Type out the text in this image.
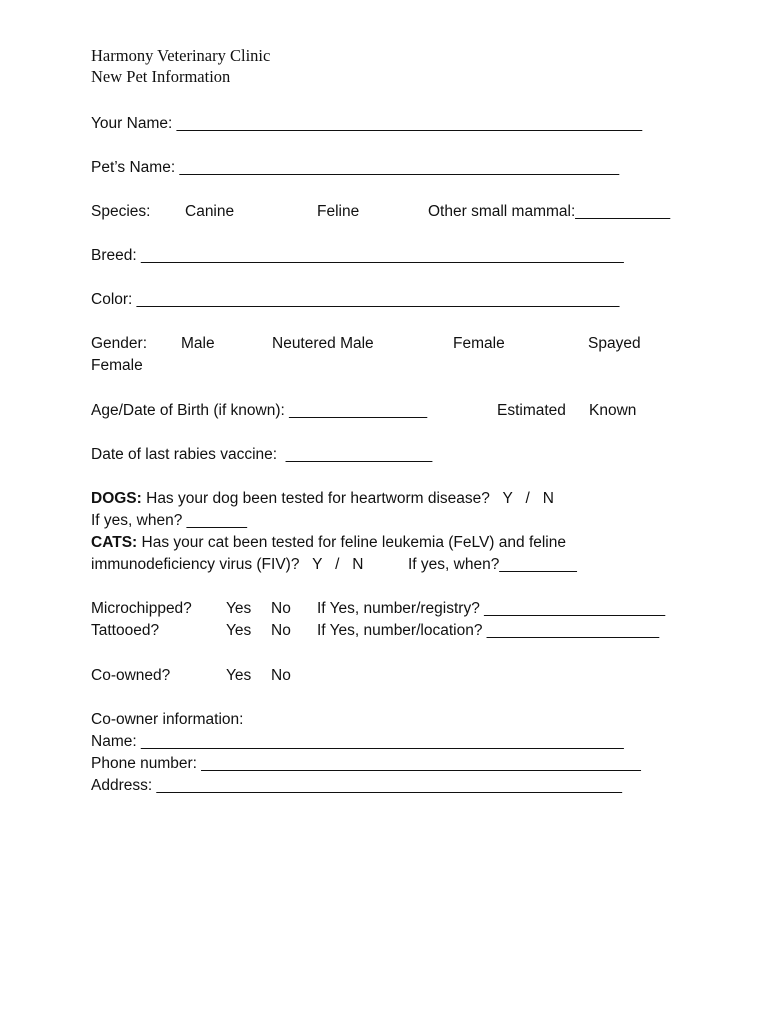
Harmony Veterinary Clinic
New Pet Information
Your Name: ______________________________________________________
Pet’s Name: ___________________________________________________
Species: Canine	Feline	Other small mammal:___________
Breed: ________________________________________________________
Color: ________________________________________________________
Gender: Male	Neutered Male	Female	Spayed
Female
Age/Date of Birth (if known): ________________	Estimated Known
Date of last rabies vaccine:  _________________
DOGS: Has your dog been tested for heartworm disease?   Y   /   N
If yes, when? _______
CATS: Has your cat been tested for feline leukemia (FeLV) and feline
immunodeficiency virus (FIV)?   Y   /   N	If yes, when?_________
Microchipped? Yes No If Yes, number/registry? _____________________
Tattooed?	Yes No If Yes, number/location? ____________________
Co-owned?	Yes No
Co-owner information:
Name: ________________________________________________________
Phone number: ___________________________________________________
Address: ______________________________________________________
